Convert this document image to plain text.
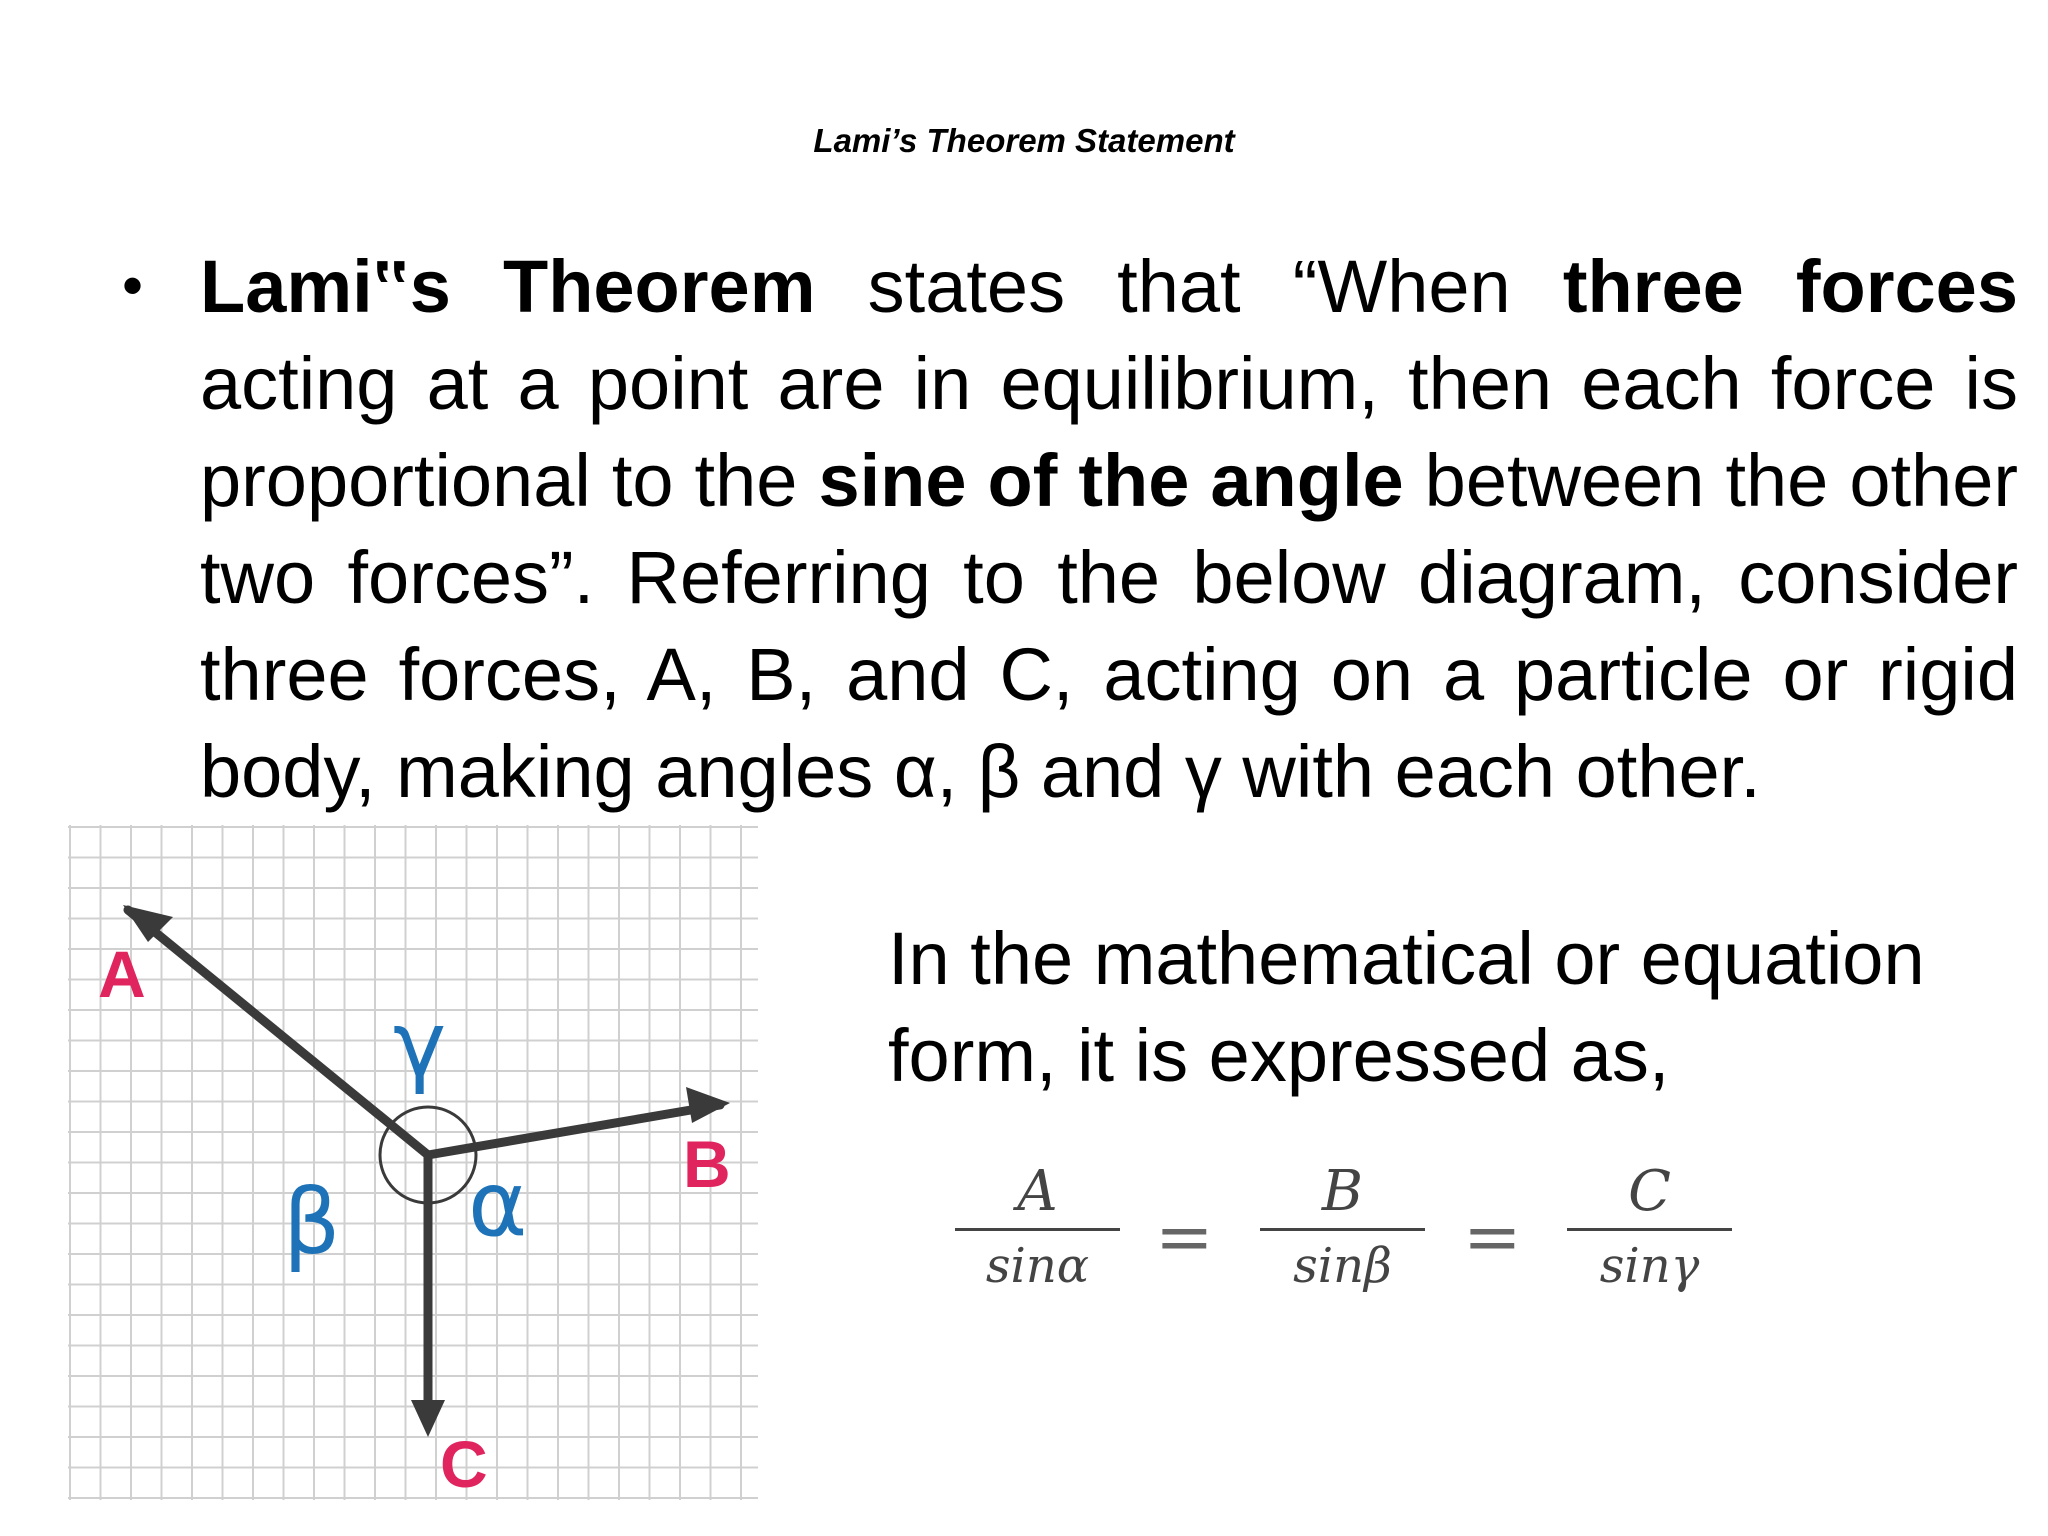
Lami’s Theorem Statement
• Lami‟s Theorem states that “When three forces acting at a point are in equilibrium, then each force is proportional to the sine of the angle between the other two forces”. Referring to the below diagram, consider three forces, A, B, and C, acting on a particle or rigid body, making angles α, β and γ with each other.
A
B
C
γ
β α
In the mathematical or equation form, it is expressed as,
A
sinα =
B
sinβ	=
C
sinγ
